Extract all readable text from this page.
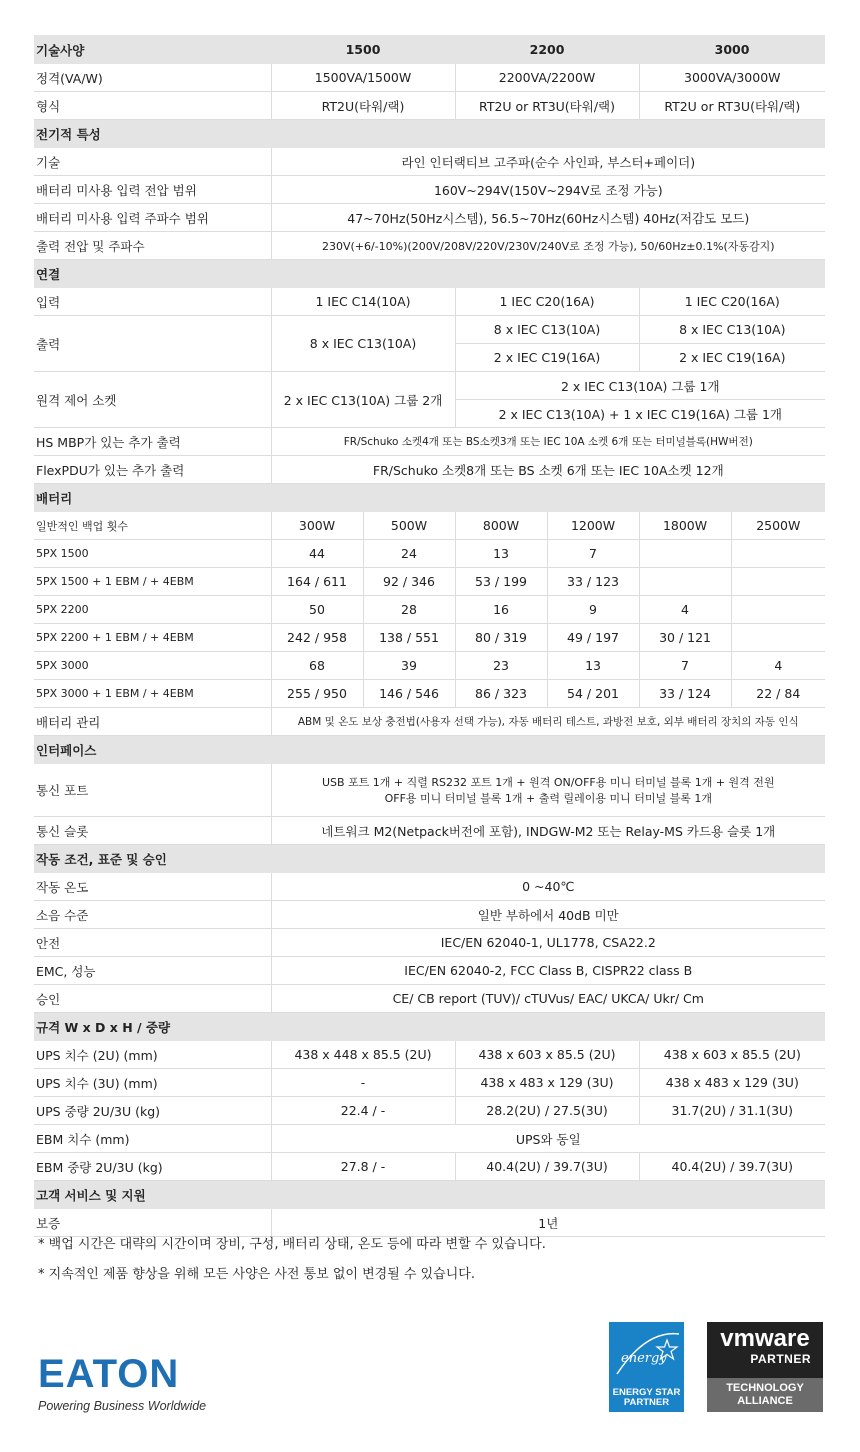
기술사양	1500		2200		3000	
정격(VA/W)	1500VA/1500W		2200VA/2200W		3000VA/3000W	
형식	RT2U(타워/랙)		RT2U or RT3U(타워/랙)		RT2U or RT3U(타워/랙)	
전기적 특성						
기술	라인 인터랙티브 고주파(순수 사인파, 부스터+페이더)					
배터리 미사용 입력 전압 범위	160V~294V(150V~294V로 조정 가능)					
배터리 미사용 입력 주파수 범위	47~70Hz(50Hz시스템), 56.5~70Hz(60Hz시스템) 40Hz(저감도 모드)					
출력 전압 및 주파수	230V(+6/-10%)(200V/208V/220V/230V/240V로 조정 가능), 50/60Hz±0.1%(자동감지)					
연결						
입력	1 IEC C14(10A)		1 IEC C20(16A)		1 IEC C20(16A)	
출력	8 x IEC C13(10A)		8 x IEC C13(10A)		8 x IEC C13(10A)	
			2 x IEC C19(16A)		2 x IEC C19(16A)	
원격 제어 소켓	2 x IEC C13(10A) 그룹 2개		2 x IEC C13(10A) 그룹 1개			
			2 x IEC C13(10A) + 1 x IEC C19(16A) 그룹 1개			
HS MBP가 있는 추가 출력	FR/Schuko 소켓4개 또는 BS소켓3개 또는 IEC 10A 소켓 6개 또는 터미널블록(HW버전)					
FlexPDU가 있는 추가 출력	FR/Schuko 소켓8개 또는 BS 소켓 6개 또는 IEC 10A소켓 12개					
배터리						
일반적인 백업 횟수	300W	500W	800W	1200W	1800W	2500W
5PX 1500	44	24	13	7		
5PX 1500 + 1 EBM / + 4EBM	164 / 611	92 / 346	53 / 199	33 / 123		
5PX 2200	50	28	16	9	4	
5PX 2200 + 1 EBM / + 4EBM	242 / 958	138 / 551	80 / 319	49 / 197	30 / 121	
5PX 3000	68	39	23	13	7	4
5PX 3000 + 1 EBM / + 4EBM	255 / 950	146 / 546	86 / 323	54 / 201	33 / 124	22 / 84
배터리 관리	ABM 및 온도 보상 충전법(사용자 선택 가능), 자동 배터리 테스트, 과방전 보호, 외부 배터리 장치의 자동 인식					
인터페이스						
통신 포트	USB 포트 1개 + 직렬 RS232 포트 1개 + 원격 ON/OFF용 미니 터미널 블록 1개 + 원격 전원
OFF용 미니 터미널 블록 1개 + 출력 릴레이용 미니 터미널 블록 1개					

통신 슬롯	네트워크 M2(Netpack버전에 포함), INDGW-M2 또는 Relay-MS 카드용 슬롯 1개					
작동 조건, 표준 및 승인						
작동 온도	0 ~40℃					
소음 수준	일반 부하에서 40dB 미만					
안전	IEC/EN 62040-1, UL1778, CSA22.2					
EMC, 성능	IEC/EN 62040-2, FCC Class B, CISPR22 class B					
승인	CE/ CB report (TUV)/ cTUVus/ EAC/ UKCA/ Ukr/ Cm					
규격 W x D x H / 중량						
UPS 치수 (2U) (mm)	438 x 448 x 85.5 (2U)		438 x 603 x 85.5 (2U)		438 x 603 x 85.5 (2U)	
UPS 치수 (3U) (mm)	-		438 x 483 x 129 (3U)		438 x 483 x 129 (3U)	
UPS 중량 2U/3U (kg)	22.4 / -		28.2(2U) / 27.5(3U)		31.7(2U) / 31.1(3U)	
EBM 치수 (mm)	UPS와 동일					
EBM 중량 2U/3U (kg)	27.8 / -		40.4(2U) / 39.7(3U)		40.4(2U) / 39.7(3U)	
고객 서비스 및 지원						
보증	1년					
* 백업 시간은 대략의 시간이며 장비, 구성, 배터리 상태, 온도 등에 따라 변할 수 있습니다.
* 지속적인 제품 향상을 위해 모든 사양은 사전 통보 없이 변경될 수 있습니다.
EATON
Powering Business Worldwide
energy
ENERGY STAR PARTNER
vmware
PARTNER
TECHNOLOGY ALLIANCE
